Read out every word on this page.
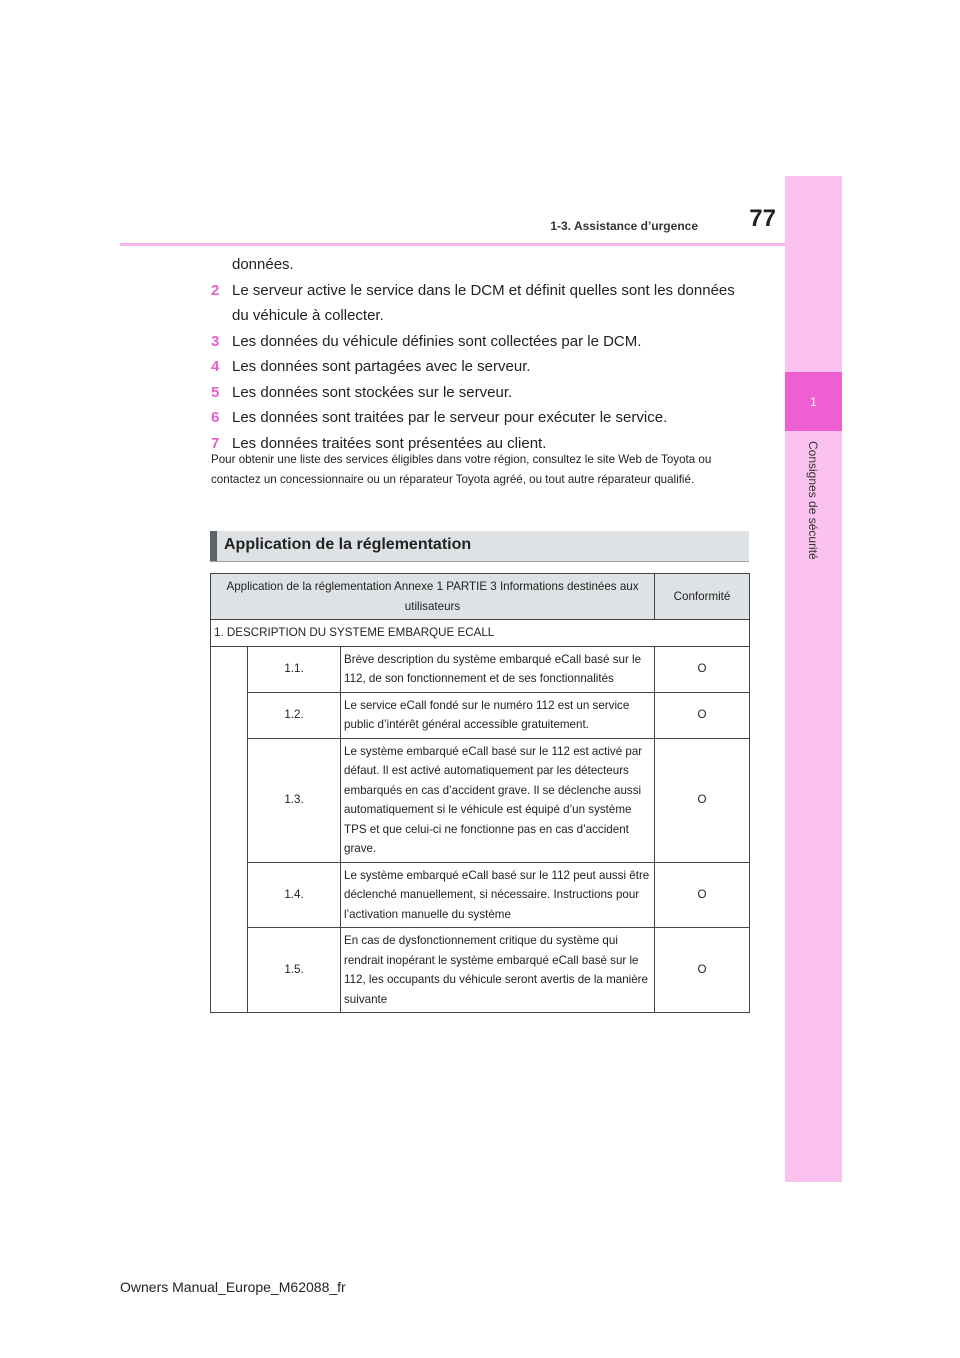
1
Consignes de sécurité
77
1-3. Assistance d’urgence

données.

2 Le serveur active le service dans le DCM et définit quelles sont les données du véhicule à collecter.

3 Les données du véhicule définies sont collectées par le DCM.

4 Les données sont partagées avec le serveur.

5 Les données sont stockées sur le serveur.

6 Les données sont traitées par le serveur pour exécuter le service.

7 Les données traitées sont présentées au client.

Pour obtenir une liste des services éligibles dans votre région, consultez le site Web de Toyota ou contactez un concessionnaire ou un réparateur Toyota agréé, ou tout autre réparateur qualifié.
Application de la réglementation
Application de la réglementation Annexe 1 PARTIE 3 Informations destinées aux utilisateurs			Conformité
1. DESCRIPTION DU SYSTEME EMBARQUE ECALL			
	1.1.	Brève description du système embarqué eCall basé sur le 112, de son fonctionnement et de ses fonctionnalités	O
	1.2.	Le service eCall fondé sur le numéro 112 est un service public d’intérêt général accessible gratuitement.	O
	1.3.	Le système embarqué eCall basé sur le 112 est activé par défaut. Il est activé automatiquement par les détecteurs embarqués en cas d’accident grave. Il se déclenche aussi automatiquement si le véhicule est équipé d’un système TPS et que celui-ci ne fonctionne pas en cas d’accident grave.	O
	1.4.	Le système embarqué eCall basé sur le 112 peut aussi être déclenché manuellement, si nécessaire. Instructions pour l’activation manuelle du système	O
	1.5.	En cas de dysfonctionnement critique du système qui rendrait inopérant le système embarqué eCall basé sur le 112, les occupants du véhicule seront avertis de la manière suivante	O
Owners Manual_Europe_M62088_fr
